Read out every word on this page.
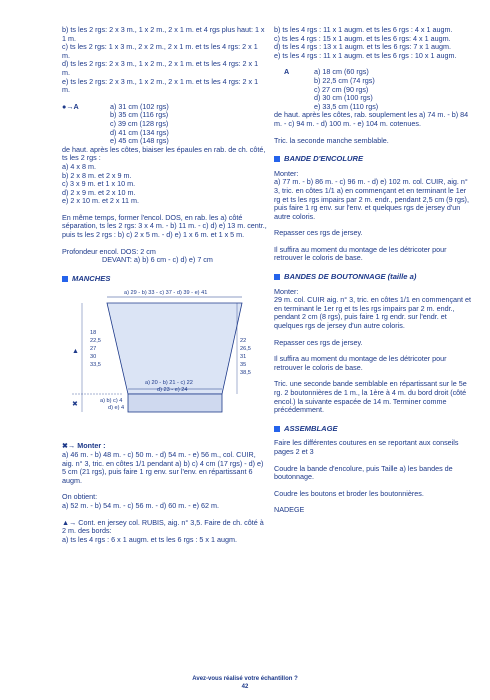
b) ts les 2 rgs: 2 x 3 m., 1 x 2 m., 2 x 1 m. et 4 rgs plus haut: 1 x 1 m.

c) ts les 2 rgs: 1 x 3 m., 2 x 2 m., 2 x 1 m. et ts les 4 rgs: 2 x 1 m.

d) ts les 2 rgs: 2 x 3 m., 1 x 2 m., 2 x 1 m. et ts les 4 rgs: 2 x 1 m.

e) ts les 2 rgs: 2 x 3 m., 1 x 2 m., 2 x 1 m. et ts les 4 rgs: 2 x 1 m.

●→A	a) 31 cm (102 rgs)

b) 35 cm (116 rgs)

c) 39 cm (128 rgs)

d) 41 cm (134 rgs)

e) 45 cm (148 rgs)

de haut. après les côtes, biaiser les épaules en rab. de ch. côté, ts les 2 rgs :

a) 4 x 8 m.

b) 2 x 8 m. et 2 x 9 m.

c) 3 x 9 m. et 1 x 10 m.

d) 2 x 9 m. et 2 x 10 m.

e) 2 x 10 m. et 2 x 11 m.

En même temps, former l'encol. DOS, en rab. les a) côté séparation, ts les 2 rgs: 3 x 4 m. - b) 11 m. - c) d) e) 13 m. centr., puis ts les 2 rgs : b) c) 2 x 5 m. - d) e) 1 x 6 m. et 1 x 5 m.

Profondeur encol. DOS: 2 cm

DEVANT: a) b) 6 cm - c) d) e) 7 cm

MANCHES
a) 29 - b) 33 - c) 37 - d) 39 - e) 41
18
22,5
27
30
33,5
22
26,5
31
35
38,5
a) 20 - b) 21 - c) 22
d) 23 - e) 24
▲
✖	a) b) c) 4
d) e) 4

✖→ Monter :

a) 46 m. - b) 48 m. - c) 50 m. - d) 54 m. - e) 56 m., col. CUIR, aig. n° 3, tric. en côtes 1/1 pendant a) b) c) 4 cm (17 rgs) - d) e) 5 cm (21 rgs), puis faire 1 rg env. sur l'env. en répartissant 6 augm.

On obtient:

a) 52 m. - b) 54 m. - c) 56 m. - d) 60 m. - e) 62 m.

▲→ Cont. en jersey col. RUBIS, aig. n° 3,5. Faire de ch. côté à 2 m. des bords:

a) ts les 4 rgs : 6 x 1 augm. et ts les 6 rgs : 5 x 1 augm.

b) ts les 4 rgs : 11 x 1 augm. et ts les 6 rgs : 4 x 1 augm.

c) ts les 4 rgs : 15 x 1 augm. et ts les 6 rgs: 4 x 1 augm.

d) ts les 4 rgs : 13 x 1 augm. et ts les 6 rgs: 7 x 1 augm.

e) ts les 4 rgs : 11 x 1 augm. et ts les 6 rgs : 10 x 1 augm.

A	a) 18 cm (60 rgs)

b) 22,5 cm (74 rgs)

c) 27 cm (90 rgs)

d) 30 cm (100 rgs)

e) 33,5 cm (110 rgs)

de haut. après les côtes, rab. souplement les a) 74 m. - b) 84 m. - c) 94 m. - d) 100 m. - e) 104 m. cotenues.

Tric. la seconde manche semblable.

BANDE D'ENCOLURE

Monter:

a) 77 m. - b) 86 m. - c) 96 m. - d) e) 102 m. col. CUIR, aig. n° 3, tric. en côtes 1/1 a) en commençant et en terminant le 1er rg et ts les rgs impairs par 2 m. endr., pendant 2,5 cm (9 rgs), puis faire 1 rg env. sur l'env. et quelques rgs de jersey d'un autre coloris.

Repasser ces rgs de jersey.

Il suffira au moment du montage de les détricoter pour retrouver le coloris de base.

BANDES DE BOUTONNAGE (taille a)

Monter:

29 m. col. CUIR aig. n° 3, tric. en côtes 1/1 en commençant et en terminant le 1er rg et ts les rgs impairs par 2 m. endr., pendant 2 cm (8 rgs), puis faire 1 rg endr. sur l'endr. et quelques rgs de jersey d'un autre coloris.

Repasser ces rgs de jersey.

Il suffira au moment du montage de les détricoter pour retrouver le coloris de base.

Tric. une seconde bande semblable en répartissant sur le 5e rg. 2 boutonnières de 1 m., la 1ère à 4 m. du bord droit (côté encol.) la suivante espacée de 14 m. Terminer comme précédemment.

ASSEMBLAGE

Faire les différentes coutures en se reportant aux conseils pages 2 et 3

Coudre la bande d'encolure, puis Taille a) les bandes de boutonnage.

Coudre les boutons et broder les boutonnières.

NADEGE

Avez-vous réalisé votre échantillon ?
42
